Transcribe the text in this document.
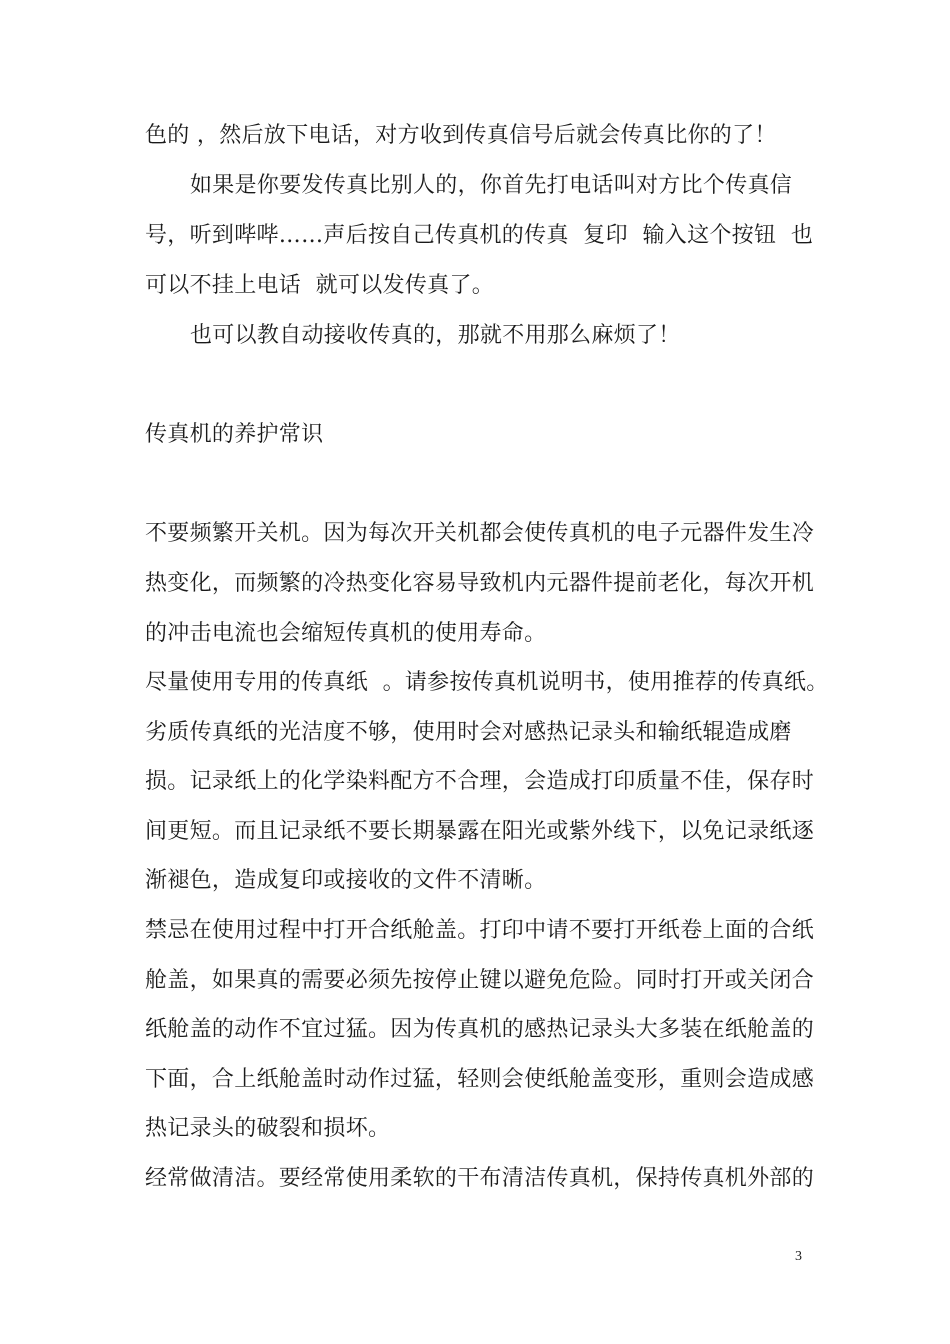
色的 ，然后放下电话，对方收到传真信号后就会传真比你的了！
如果是你要发传真比别人的，你首先打电话叫对方比个传真信
号，听到哔哔……声后按自己传真机的传真  复印  输入这个按钮  也
可以不挂上电话  就可以发传真了。
也可以教自动接收传真的，那就不用那么麻烦了！
传真机的养护常识
不要频繁开关机。因为每次开关机都会使传真机的电子元器件发生冷
热变化，而频繁的冷热变化容易导致机内元器件提前老化，每次开机
的冲击电流也会缩短传真机的使用寿命。
尽量使用专用的传真纸  。请参按传真机说明书，使用推荐的传真纸。
劣质传真纸的光洁度不够，使用时会对感热记录头和输纸辊造成磨
损。记录纸上的化学染料配方不合理，会造成打印质量不佳，保存时
间更短。而且记录纸不要长期暴露在阳光或紫外线下，以免记录纸逐
渐褪色，造成复印或接收的文件不清晰。
禁忌在使用过程中打开合纸舱盖。打印中请不要打开纸卷上面的合纸
舱盖，如果真的需要必须先按停止键以避免危险。同时打开或关闭合
纸舱盖的动作不宜过猛。因为传真机的感热记录头大多装在纸舱盖的
下面，合上纸舱盖时动作过猛，轻则会使纸舱盖变形，重则会造成感
热记录头的破裂和损坏。
经常做清洁。要经常使用柔软的干布清洁传真机，保持传真机外部的
3
